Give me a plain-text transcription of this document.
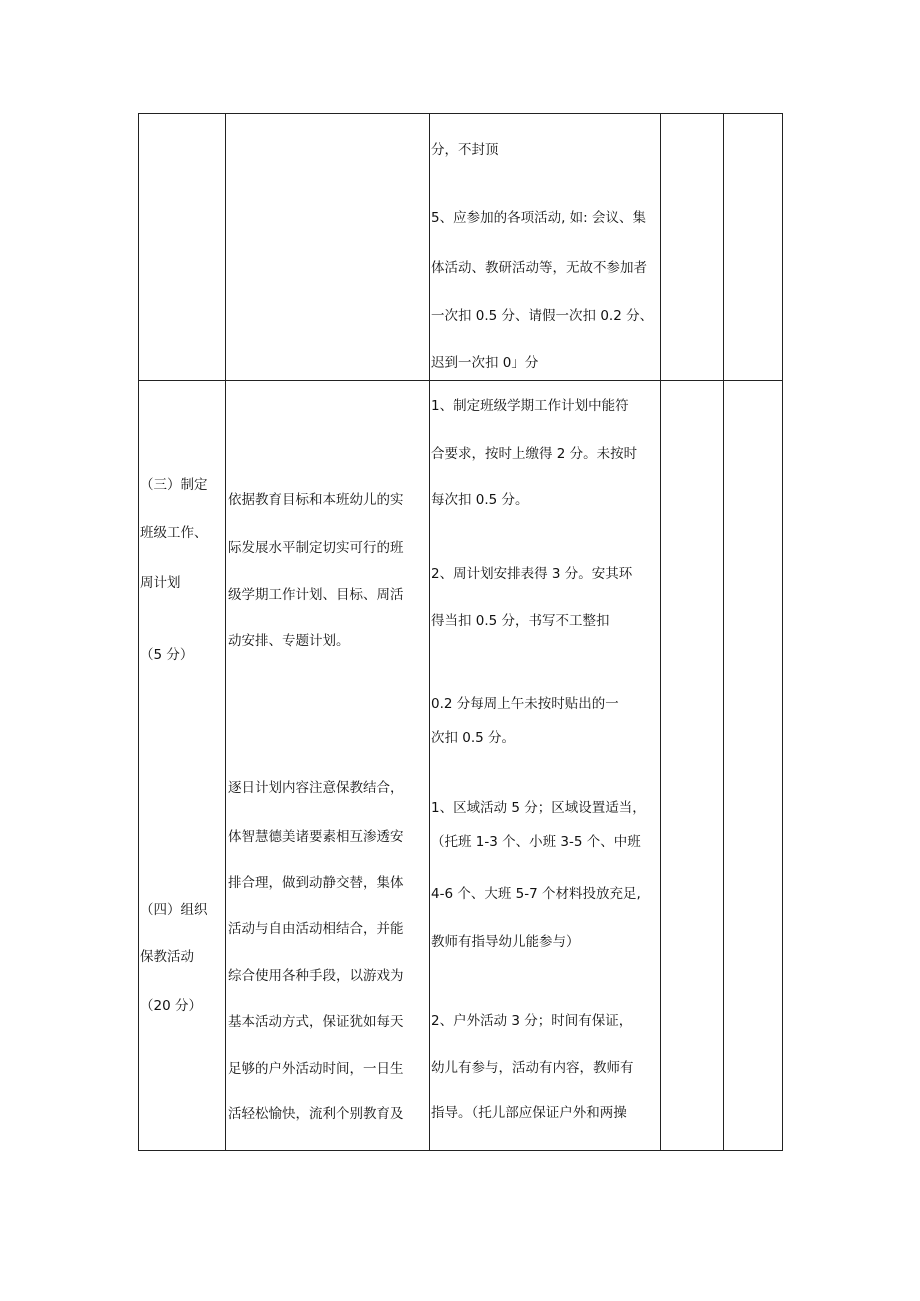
分，不封顶
5、应参加的各项活动, 如: 会议、集
体活动、教研活动等，无故不参加者
一次扣 0.5 分、请假一次扣 0.2 分、
迟到一次扣 0」分
（三）制定
班级工作、
周计划
（5 分）
依据教育目标和本班幼儿的实
际发展水平制定切实可行的班
级学期工作计划、目标、周活
动安排、专题计划。
1、制定班级学期工作计划中能符
合要求，按时上缴得 2 分。未按时
每次扣 0.5 分。
2、周计划安排表得 3 分。安其环
得当扣 0.5 分，书写不工整扣
0.2 分每周上午未按时贴出的一
次扣 0.5 分。
（四）组织
保教活动
（20 分）
逐日计划内容注意保教结合，
体智慧德美诸要素相互渗透安
排合理，做到动静交替，集体
活动与自由活动相结合，并能
综合使用各种手段，以游戏为
基本活动方式，保证犹如每天
足够的户外活动时间，一日生
活轻松愉快，流利个别教育及
1、区域活动 5 分；区域设置适当，
（托班 1-3 个、小班 3-5 个、中班
4-6 个、大班 5-7 个材料投放充足,
教师有指导幼儿能参与）
2、户外活动 3 分；时间有保证，
幼儿有参与，活动有内容，教师有
指导。（托儿部应保证户外和两操
